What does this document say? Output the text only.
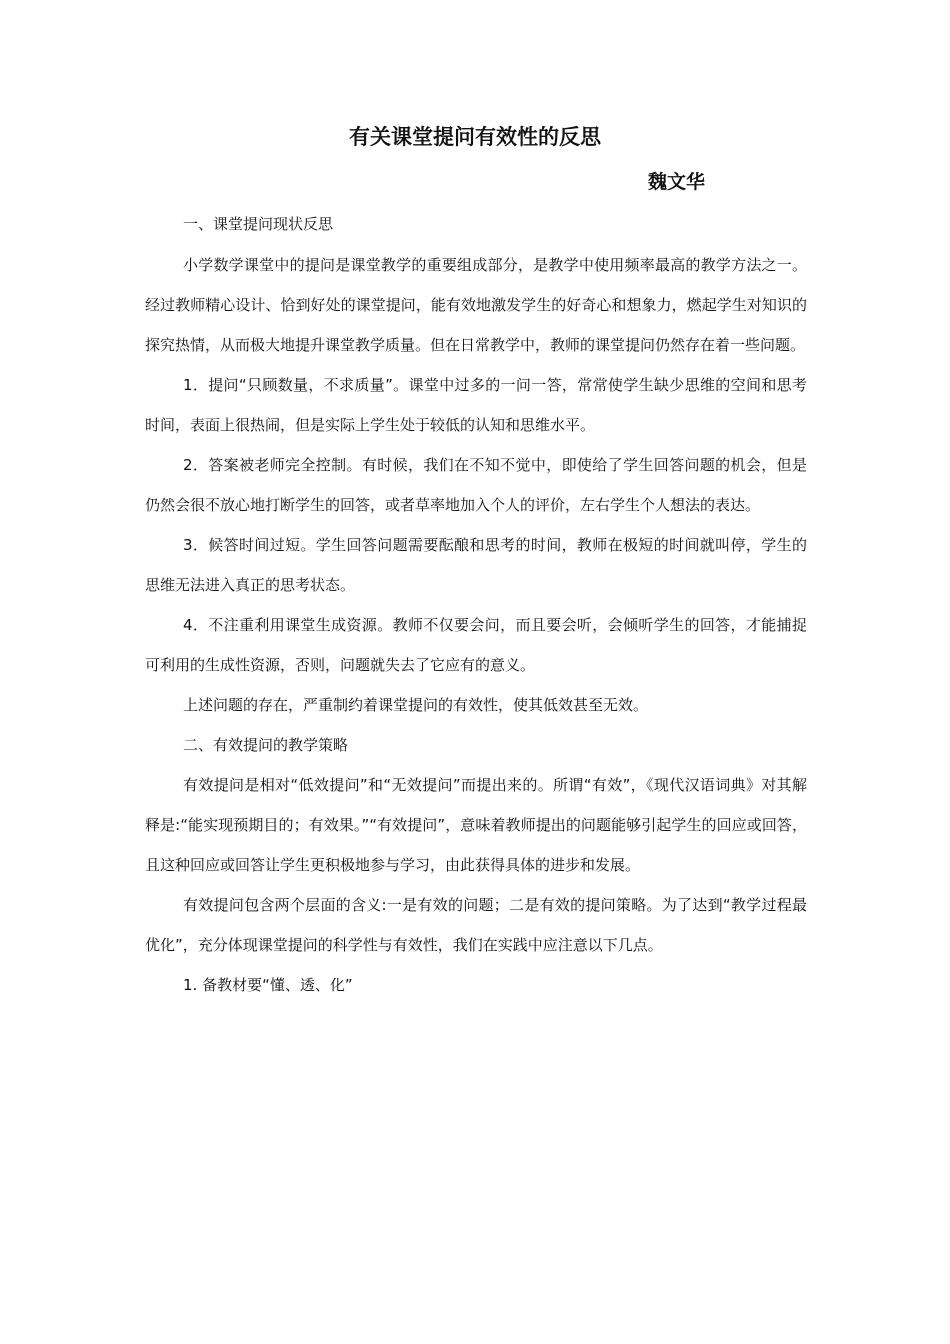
有关课堂提问有效性的反思
魏文华

一、课堂提问现状反思

小学数学课堂中的提问是课堂教学的重要组成部分，是教学中使用频率最高的教学方法之一。经过教师精心设计、恰到好处的课堂提问，能有效地激发学生的好奇心和想象力，燃起学生对知识的探究热情，从而极大地提升课堂教学质量。但在日常教学中，教师的课堂提问仍然存在着一些问题。

1．提问“只顾数量，不求质量”。课堂中过多的一问一答，常常使学生缺少思维的空间和思考时间，表面上很热闹，但是实际上学生处于较低的认知和思维水平。

2．答案被老师完全控制。有时候，我们在不知不觉中，即使给了学生回答问题的机会，但是仍然会很不放心地打断学生的回答，或者草率地加入个人的评价，左右学生个人想法的表达。

3．候答时间过短。学生回答问题需要酝酿和思考的时间，教师在极短的时间就叫停，学生的思维无法进入真正的思考状态。

4．不注重利用课堂生成资源。教师不仅要会问，而且要会听，会倾听学生的回答，才能捕捉可利用的生成性资源，否则，问题就失去了它应有的意义。

上述问题的存在，严重制约着课堂提问的有效性，使其低效甚至无效。

二、有效提问的教学策略

有效提问是相对“低效提问”和“无效提问”而提出来的。所谓“有效”，《现代汉语词典》对其解释是:“能实现预期目的；有效果。”“有效提问”，意味着教师提出的问题能够引起学生的回应或回答，且这种回应或回答让学生更积极地参与学习，由此获得具体的进步和发展。

有效提问包含两个层面的含义:一是有效的问题；二是有效的提问策略。为了达到“教学过程最优化”，充分体现课堂提问的科学性与有效性，我们在实践中应注意以下几点。

1. 备教材要“懂、透、化”
